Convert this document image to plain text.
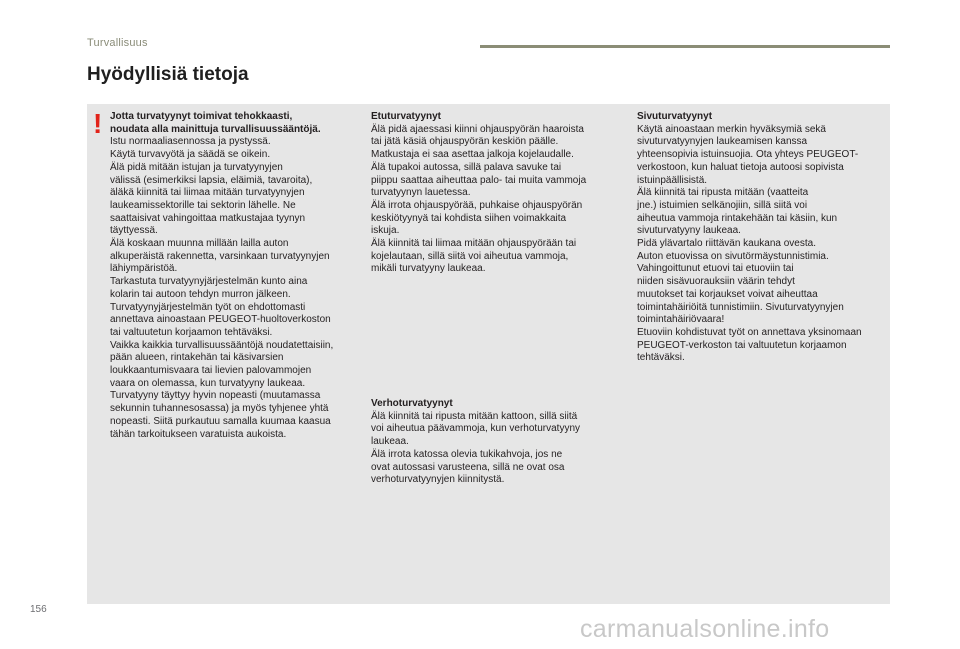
Turvallisuus
Hyödyllisiä tietoja
! Jotta turvatyynyt toimivat tehokkaasti,
noudata alla mainittuja turvallisuussääntöjä.

Istu normaaliasennossa ja pystyssä.
Käytä turvavyötä ja säädä se oikein.
Älä pidä mitään istujan ja turvatyynyjen
välissä (esimerkiksi lapsia, eläimiä, tavaroita),
äläkä kiinnitä tai liimaa mitään turvatyynyjen
laukeamissektorille tai sektorin lähelle. Ne
saattaisivat vahingoittaa matkustajaa tyynyn
täyttyessä.
Älä koskaan muunna millään lailla auton
alkuperäistä rakennetta, varsinkaan turvatyynyjen
lähiympäristöä.
Tarkastuta turvatyynyjärjestelmän kunto aina
kolarin tai autoon tehdyn murron jälkeen.
Turvatyynyjärjestelmän työt on ehdottomasti
annettava ainoastaan PEUGEOT-huoltoverkoston
tai valtuutetun korjaamon tehtäväksi.
Vaikka kaikkia turvallisuussääntöjä noudatettaisiin,
pään alueen, rintakehän tai käsivarsien
loukkaantumisvaara tai lievien palovammojen
vaara on olemassa, kun turvatyyny laukeaa.
Turvatyyny täyttyy hyvin nopeasti (muutamassa
sekunnin tuhannesosassa) ja myös tyhjenee yhtä
nopeasti. Siitä purkautuu samalla kuumaa kaasua
tähän tarkoitukseen varatuista aukoista.

Etuturvatyynyt

Älä pidä ajaessasi kiinni ohjauspyörän haaroista
tai jätä käsiä ohjauspyörän keskiön päälle.
Matkustaja ei saa asettaa jalkoja kojelaudalle.
Älä tupakoi autossa, sillä palava savuke tai
piippu saattaa aiheuttaa palo- tai muita vammoja
turvatyynyn lauetessa.
Älä irrota ohjauspyörää, puhkaise ohjauspyörän
keskiötyynyä tai kohdista siihen voimakkaita
iskuja.
Älä kiinnitä tai liimaa mitään ohjauspyörään tai
kojelautaan, sillä siitä voi aiheutua vammoja,
mikäli turvatyyny laukeaa.

Verhoturvatyynyt

Älä kiinnitä tai ripusta mitään kattoon, sillä siitä
voi aiheutua päävammoja, kun verhoturvatyyny
laukeaa.
Älä irrota katossa olevia tukikahvoja, jos ne
ovat autossasi varusteena, sillä ne ovat osa
verhoturvatyynyjen kiinnitystä.

Sivuturvatyynyt

Käytä ainoastaan merkin hyväksymiä sekä
sivuturvatyynyjen laukeamisen kanssa
yhteensopivia istuinsuojia. Ota yhteys PEUGEOT-
verkostoon, kun haluat tietoja autoosi sopivista
istuinpäällisistä.
Älä kiinnitä tai ripusta mitään (vaatteita
jne.) istuimien selkänojiin, sillä siitä voi
aiheutua vammoja rintakehään tai käsiin, kun
sivuturvatyyny laukeaa.
Pidä ylävartalo riittävän kaukana ovesta.
Auton etuovissa on sivutörmäystunnistimia.
Vahingoittunut etuovi tai etuoviin tai
niiden sisävuorauksiin väärin tehdyt
muutokset tai korjaukset voivat aiheuttaa
toimintahäiriöitä tunnistimiin. Sivuturvatyynyjen
toimintahäiriövaara!
Etuoviin kohdistuvat työt on annettava yksinomaan
PEUGEOT-verkoston tai valtuutetun korjaamon
tehtäväksi.

156
carmanualsonline.info
